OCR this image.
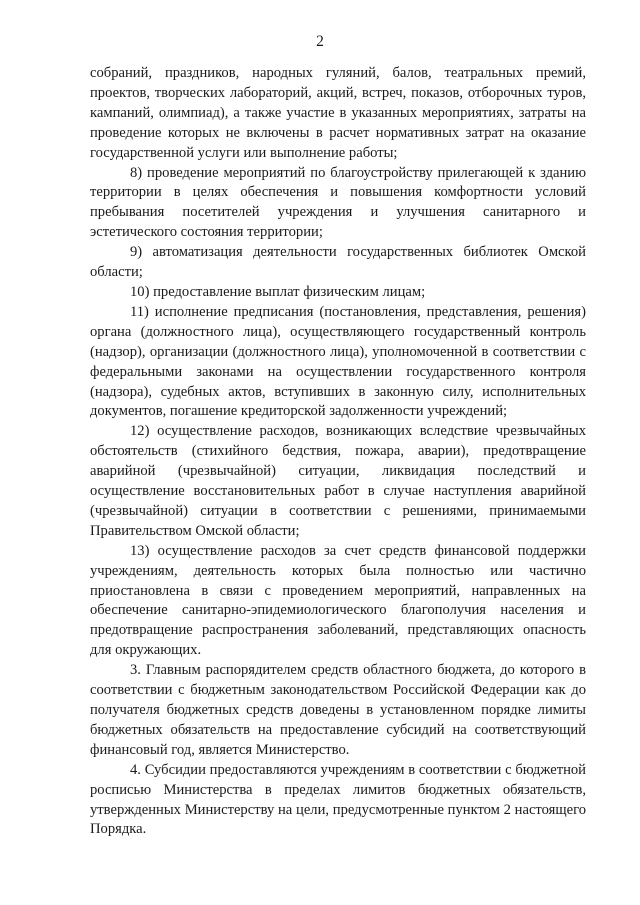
2

собраний, праздников, народных гуляний, балов, театральных премий, проектов, творческих лабораторий, акций, встреч, показов, отборочных туров, кампаний, олимпиад), а также участие в указанных мероприятиях, затраты на проведение которых не включены в расчет нормативных затрат на оказание государственной услуги или выполнение работы;

8) проведение мероприятий по благоустройству прилегающей к зданию территории в целях обеспечения и повышения комфортности условий пребывания посетителей учреждения и улучшения санитарного и эстетического состояния территории;

9) автоматизация деятельности государственных библиотек Омской области;

10) предоставление выплат физическим лицам;

11) исполнение предписания (постановления, представления, решения) органа (должностного лица), осуществляющего государственный контроль (надзор), организации (должностного лица), уполномоченной в соответствии с федеральными законами на осуществлении государственного контроля (надзора), судебных актов, вступивших в законную силу, исполнительных документов, погашение кредиторской задолженности учреждений;

12) осуществление расходов, возникающих вследствие чрезвычайных обстоятельств (стихийного бедствия, пожара, аварии), предотвращение аварийной (чрезвычайной) ситуации, ликвидация последствий и осуществление восстановительных работ в случае наступления аварийной (чрезвычайной) ситуации в соответствии с решениями, принимаемыми Правительством Омской области;

13) осуществление расходов за счет средств финансовой поддержки учреждениям, деятельность которых была полностью или частично приостановлена в связи с проведением мероприятий, направленных на обеспечение санитарно-эпидемиологического благополучия населения и предотвращение распространения заболеваний, представляющих опасность для окружающих.

3. Главным распорядителем средств областного бюджета, до которого в соответствии с бюджетным законодательством Российской Федерации как до получателя бюджетных средств доведены в установленном порядке лимиты бюджетных обязательств на предоставление субсидий на соответствующий финансовый год, является Министерство.

4. Субсидии предоставляются учреждениям в соответствии с бюджетной росписью Министерства в пределах лимитов бюджетных обязательств, утвержденных Министерству на цели, предусмотренные пунктом 2 настоящего Порядка.
